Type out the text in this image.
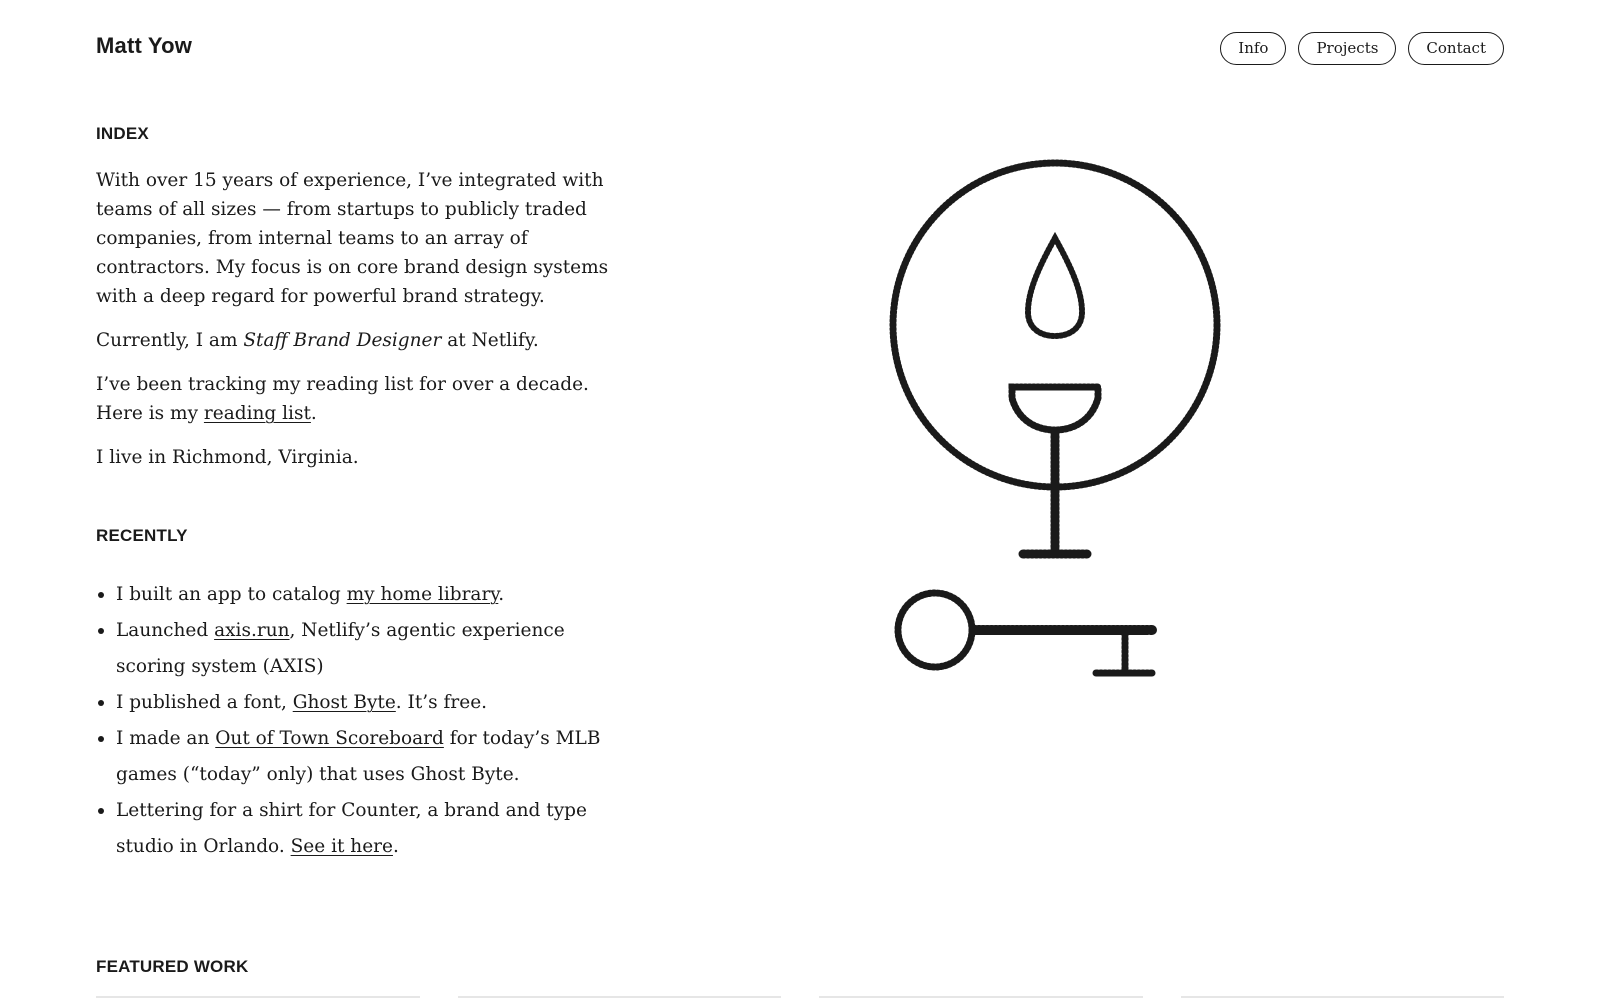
Matt Yow	Info	Projects	Contact
INDEX

With over 15 years of experience, I’ve integrated with teams of all sizes — from startups to publicly traded companies, from internal teams to an array of contractors. My focus is on core brand design systems with a deep regard for powerful brand strategy.

Currently, I am Staff Brand Designer at Netlify.

I’ve been tracking my reading list for over a decade. Here is my reading list.

I live in Richmond, Virginia.

RECENTLY
I built an app to catalog my home library.
Launched axis.run, Netlify’s agentic experience scoring system (AXIS)
I published a font, Ghost Byte. It’s free.
I made an Out of Town Scoreboard for today’s MLB games (“today” only) that uses Ghost Byte.
Lettering for a shirt for Counter, a brand and type studio in Orlando. See it here.
FEATURED WORK
